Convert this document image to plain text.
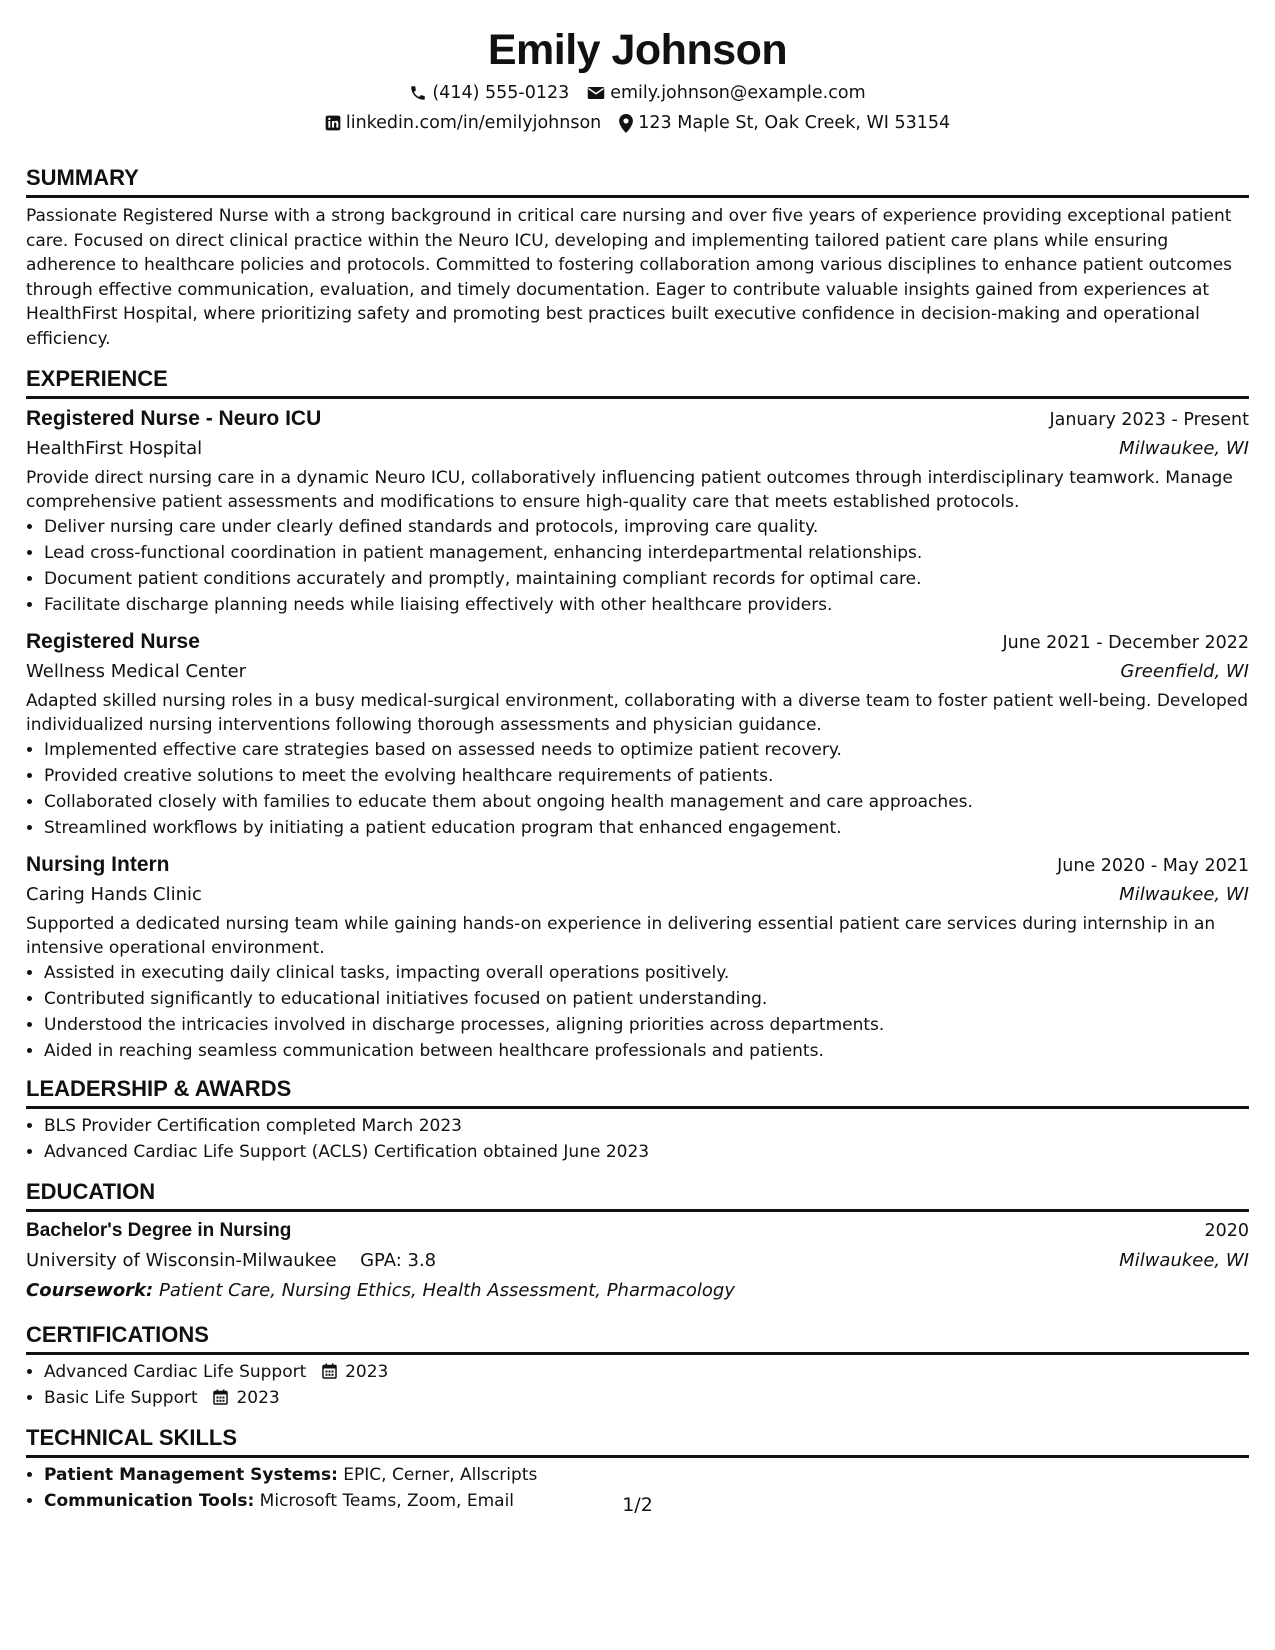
Emily Johnson
(414) 555-0123 emily.johnson@example.com
linkedin.com/in/emilyjohnson 123 Maple St, Oak Creek, WI 53154
SUMMARY
Passionate Registered Nurse with a strong background in critical care nursing and over five years of experience providing exceptional patient care. Focused on direct clinical practice within the Neuro ICU, developing and implementing tailored patient care plans while ensuring adherence to healthcare policies and protocols. Committed to fostering collaboration among various disciplines to enhance patient outcomes through effective communication, evaluation, and timely documentation. Eager to contribute valuable insights gained from experiences at HealthFirst Hospital, where prioritizing safety and promoting best practices built executive confidence in decision-making and operational efficiency.
EXPERIENCE
Registered Nurse - Neuro ICU	January 2023 - Present
HealthFirst Hospital	Milwaukee, WI
Provide direct nursing care in a dynamic Neuro ICU, collaboratively influencing patient outcomes through interdisciplinary teamwork. Manage comprehensive patient assessments and modifications to ensure high-quality care that meets established protocols.
• Deliver nursing care under clearly defined standards and protocols, improving care quality.
• Lead cross-functional coordination in patient management, enhancing interdepartmental relationships.
• Document patient conditions accurately and promptly, maintaining compliant records for optimal care.
• Facilitate discharge planning needs while liaising effectively with other healthcare providers.
Registered Nurse	June 2021 - December 2022
Wellness Medical Center	Greenfield, WI
Adapted skilled nursing roles in a busy medical-surgical environment, collaborating with a diverse team to foster patient well-being. Developed individualized nursing interventions following thorough assessments and physician guidance.
• Implemented effective care strategies based on assessed needs to optimize patient recovery.
• Provided creative solutions to meet the evolving healthcare requirements of patients.
• Collaborated closely with families to educate them about ongoing health management and care approaches.
• Streamlined workflows by initiating a patient education program that enhanced engagement.
Nursing Intern	June 2020 - May 2021
Caring Hands Clinic	Milwaukee, WI
Supported a dedicated nursing team while gaining hands-on experience in delivering essential patient care services during internship in an intensive operational environment.
• Assisted in executing daily clinical tasks, impacting overall operations positively.
• Contributed significantly to educational initiatives focused on patient understanding.
• Understood the intricacies involved in discharge processes, aligning priorities across departments.
• Aided in reaching seamless communication between healthcare professionals and patients.
LEADERSHIP & AWARDS
• BLS Provider Certification completed March 2023
• Advanced Cardiac Life Support (ACLS) Certification obtained June 2023
EDUCATION
Bachelor's Degree in Nursing	2020
University of Wisconsin-Milwaukee GPA: 3.8	Milwaukee, WI
Coursework: Patient Care, Nursing Ethics, Health Assessment, Pharmacology
CERTIFICATIONS
• Advanced Cardiac Life Support 2023
• Basic Life Support 2023
TECHNICAL SKILLS
• Patient Management Systems: EPIC, Cerner, Allscripts
• Communication Tools: Microsoft Teams, Zoom, Email	1/2
